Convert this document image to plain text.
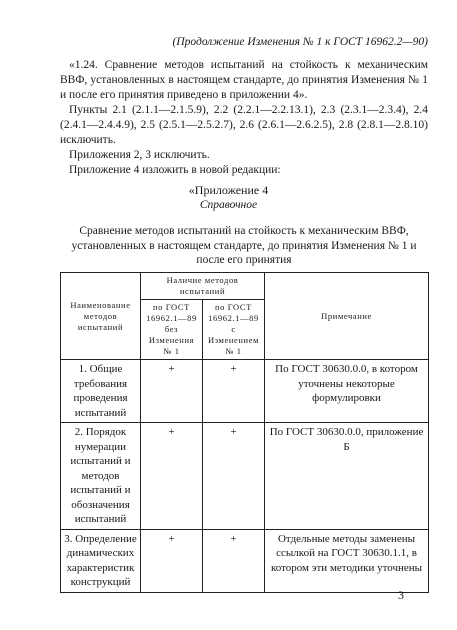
(Продолжение Изменения № 1 к ГОСТ 16962.2—90)

«1.24. Сравнение методов испытаний на стойкость к механическим ВВФ, установленных в настоящем стандарте, до принятия Изменения № 1 и после его принятия приведено в приложении 4».

Пункты 2.1 (2.1.1—2.1.5.9), 2.2 (2.2.1—2.2.13.1), 2.3 (2.3.1—2.3.4), 2.4 (2.4.1—2.4.4.9), 2.5 (2.5.1—2.5.2.7), 2.6 (2.6.1—2.6.2.5), 2.8 (2.8.1—2.8.10) исключить.

Приложения 2, 3 исключить.

Приложение 4 изложить в новой редакции:

«Приложение 4
Справочное
Сравнение методов испытаний на стойкость к механическим ВВФ, установленных в настоящем стандарте, до принятия Изменения № 1 и после его принятия
Наименование методов испытаний	Наличие методов испытаний		Примечание
	по ГОСТ 16962.1—89 без Изменения № 1	по ГОСТ 16962.1—89 с Изменением № 1	
1. Общие требования проведения испытаний	+	+	По ГОСТ 30630.0.0, в котором уточнены некоторые формулировки
2. Порядок нумерации испытаний и методов испытаний и обозначения испытаний	+	+	По ГОСТ 30630.0.0, приложение Б
3. Определение динамических характеристик конструкций	+	+	Отдельные методы заменены ссылкой на ГОСТ 30630.1.1, в котором эти методики уточнены
3
